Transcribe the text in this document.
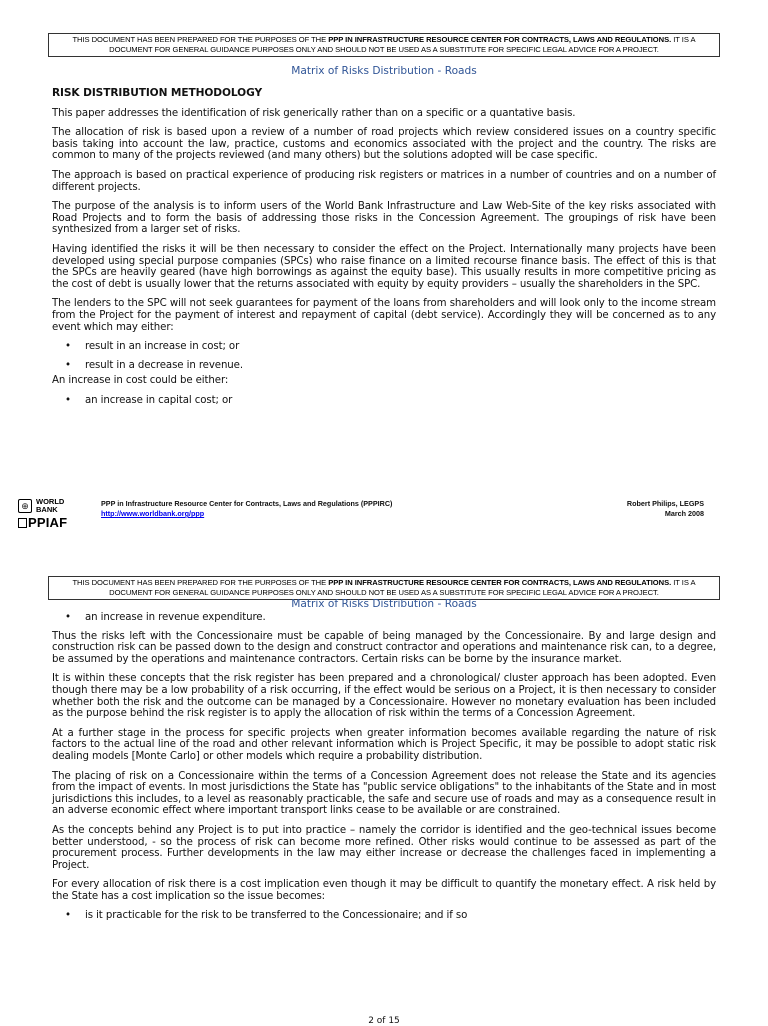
THIS DOCUMENT HAS BEEN PREPARED FOR THE PURPOSES OF THE PPP IN INFRASTRUCTURE RESOURCE CENTER FOR CONTRACTS, LAWS AND REGULATIONS. IT IS A
DOCUMENT FOR GENERAL GUIDANCE PURPOSES ONLY AND SHOULD NOT BE USED AS A SUBSTITUTE FOR SPECIFIC LEGAL ADVICE FOR A PROJECT.
Matrix of Risks Distribution - Roads

RISK DISTRIBUTION METHODOLOGY

This paper addresses the identification of risk generically rather than on a specific or a quantative basis.

The allocation of risk is based upon a review of a number of road projects which review considered issues on a country specific basis taking into account the law, practice, customs and economics associated with the project and the country. The risks are common to many of the projects reviewed (and many others) but the solutions adopted will be case specific.

The approach is based on practical experience of producing risk registers or matrices in a number of countries and on a number of different projects.

The purpose of the analysis is to inform users of the World Bank Infrastructure and Law Web-Site of the key risks associated with Road Projects and to form the basis of addressing those risks in the Concession Agreement. The groupings of risk have been synthesized from a larger set of risks.

Having identified the risks it will be then necessary to consider the effect on the Project. Internationally many projects have been developed using special purpose companies (SPCs) who raise finance on a limited recourse finance basis. The effect of this is that the SPCs are heavily geared (have high borrowings as against the equity base). This usually results in more competitive pricing as the cost of debt is usually lower that the returns associated with equity by equity providers – usually the shareholders in the SPC.

The lenders to the SPC will not seek guarantees for payment of the loans from shareholders and will look only to the income stream from the Project for the payment of interest and repayment of capital (debt service). Accordingly they will be concerned as to any event which may either:

• result in an increase in cost; or
• result in a decrease in revenue.

An increase in cost could be either:

• an increase in capital cost; or
⊕ WORLD
BANK
PPIAF
PPP in Infrastructure Resource Center for Contracts, Laws and Regulations (PPPIRC)
http://www.worldbank.org/ppp
Robert Philips, LEGPS
March 2008
THIS DOCUMENT HAS BEEN PREPARED FOR THE PURPOSES OF THE PPP IN INFRASTRUCTURE RESOURCE CENTER FOR CONTRACTS, LAWS AND REGULATIONS. IT IS A
DOCUMENT FOR GENERAL GUIDANCE PURPOSES ONLY AND SHOULD NOT BE USED AS A SUBSTITUTE FOR SPECIFIC LEGAL ADVICE FOR A PROJECT.
Matrix of Risks Distribution - Roads
• an increase in revenue expenditure.

Thus the risks left with the Concessionaire must be capable of being managed by the Concessionaire. By and large design and construction risk can be passed down to the design and construct contractor and operations and maintenance risk can, to a degree, be assumed by the operations and maintenance contractors. Certain risks can be borne by the insurance market.

It is within these concepts that the risk register has been prepared and a chronological/ cluster approach has been adopted. Even though there may be a low probability of a risk occurring, if the effect would be serious on a Project, it is then necessary to consider whether both the risk and the outcome can be managed by a Concessionaire. However no monetary evaluation has been included as the purpose behind the risk register is to apply the allocation of risk within the terms of a Concession Agreement.

At a further stage in the process for specific projects when greater information becomes available regarding the nature of risk factors to the actual line of the road and other relevant information which is Project Specific, it may be possible to adopt static risk dealing models [Monte Carlo] or other models which require a probability distribution.

The placing of risk on a Concessionaire within the terms of a Concession Agreement does not release the State and its agencies from the impact of events. In most jurisdictions the State has "public service obligations" to the inhabitants of the State and in most jurisdictions this includes, to a level as reasonably practicable, the safe and secure use of roads and may as a consequence result in an adverse economic effect where important transport links cease to be available or are constrained.

As the concepts behind any Project is to put into practice – namely the corridor is identified and the geo-technical issues become better understood, - so the process of risk can become more refined. Other risks would continue to be assessed as part of the procurement process. Further developments in the law may either increase or decrease the challenges faced in implementing a Project.

For every allocation of risk there is a cost implication even though it may be difficult to quantify the monetary effect. A risk held by the State has a cost implication so the issue becomes:

• is it practicable for the risk to be transferred to the Concessionaire; and if so
2 of 15
